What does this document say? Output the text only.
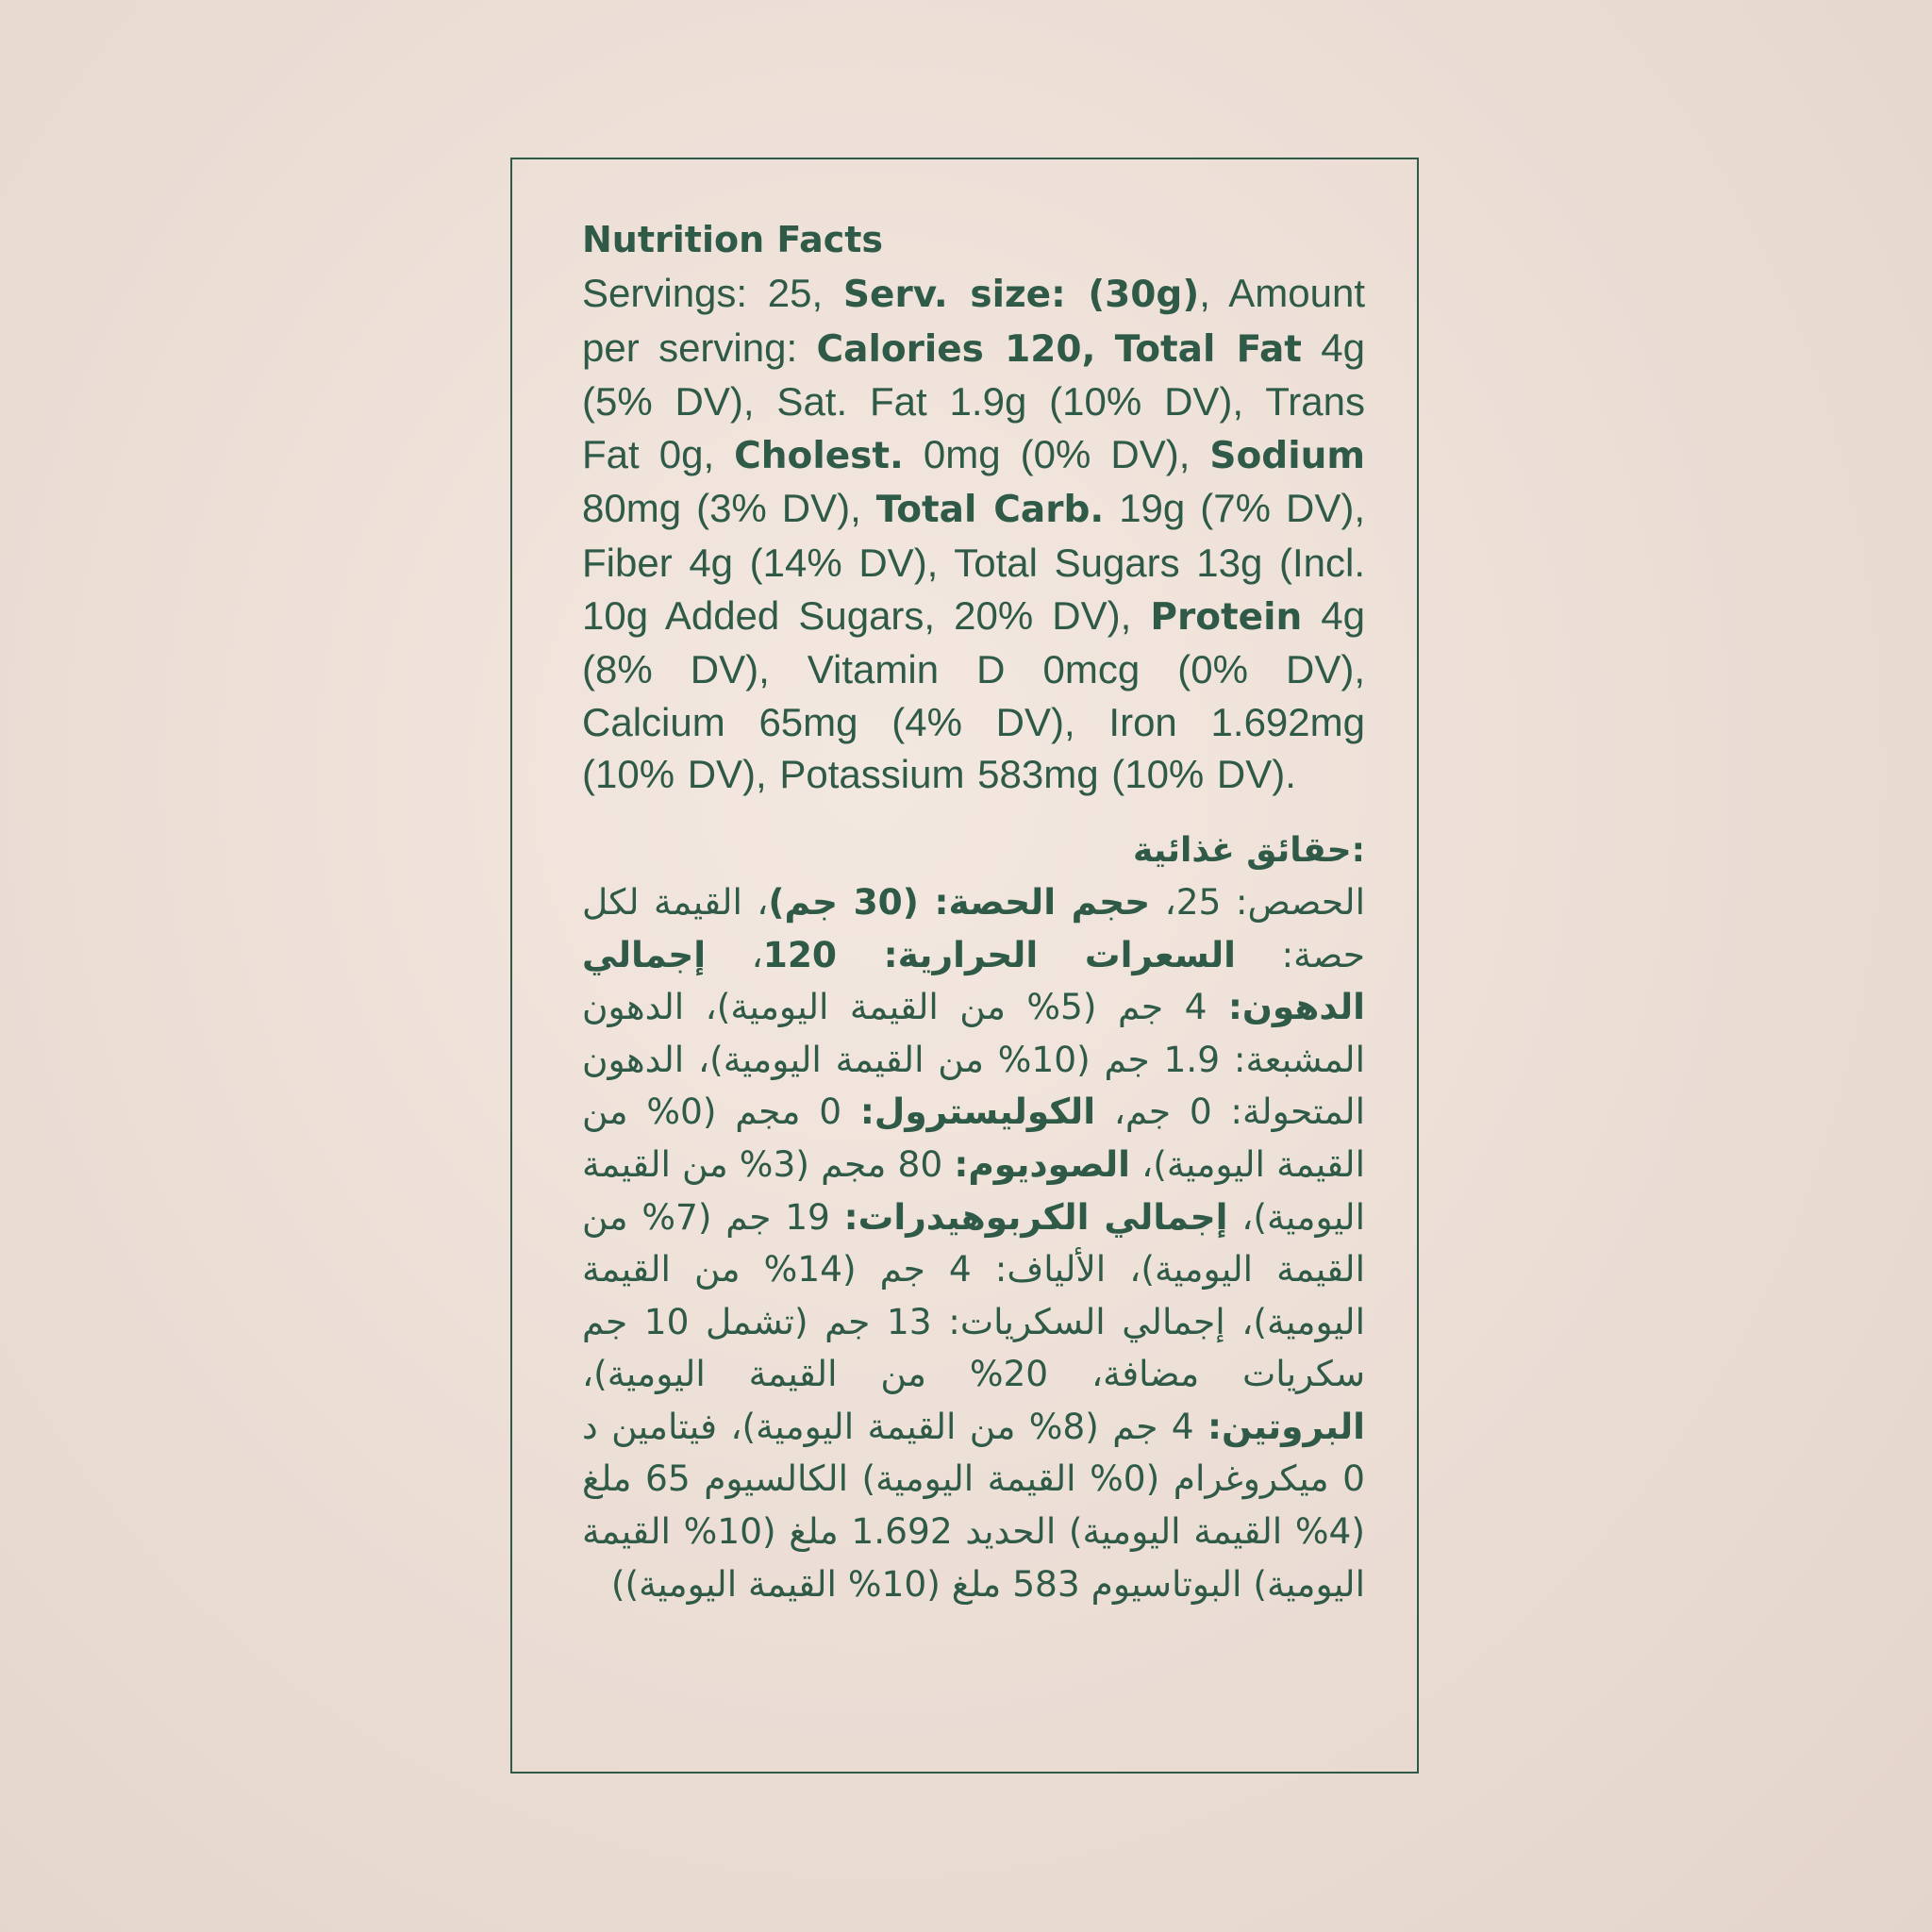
Nutrition Facts

Servings: 25, Serv. size: (30g), Amount per serving: Calories 120, Total Fat 4g (5% DV), Sat. Fat 1.9g (10% DV), Trans Fat 0g, Cholest. 0mg (0% DV), Sodium 80mg (3% DV), Total Carb. 19g (7% DV), Fiber 4g (14% DV), Total Sugars 13g (Incl. 10g Added Sugars, 20% DV), Protein 4g (8% DV), Vitamin D 0mcg (0% DV), Calcium 65mg (4% DV), Iron 1.692mg (10% DV), Potassium 583mg (10% DV).

:حقائق غذائية

الحصص: 25، حجم الحصة: (30 جم)، القيمة لكل حصة: السعرات الحرارية: 120، إجمالي الدهون: 4 جم (5% من القيمة اليومية)، الدهون المشبعة: 1.9 جم (10% من القيمة اليومية)، الدهون المتحولة: 0 جم، الكوليسترول: 0 مجم (0% من القيمة اليومية)، الصوديوم: 80 مجم (3% من القيمة اليومية)، إجمالي الكربوهيدرات: 19 جم (7% من القيمة اليومية)، الألياف: 4 جم (14% من القيمة اليومية)، إجمالي السكريات: 13 جم (تشمل 10 جم سكريات مضافة، 20% من القيمة اليومية)، البروتين: 4 جم (8% من القيمة اليومية)، فيتامين د 0 ميكروغرام (0% القيمة اليومية) الكالسيوم 65 ملغ (4% القيمة اليومية) الحديد 1.692 ملغ (10% القيمة اليومية) البوتاسيوم 583 ملغ (10% القيمة اليومية))
